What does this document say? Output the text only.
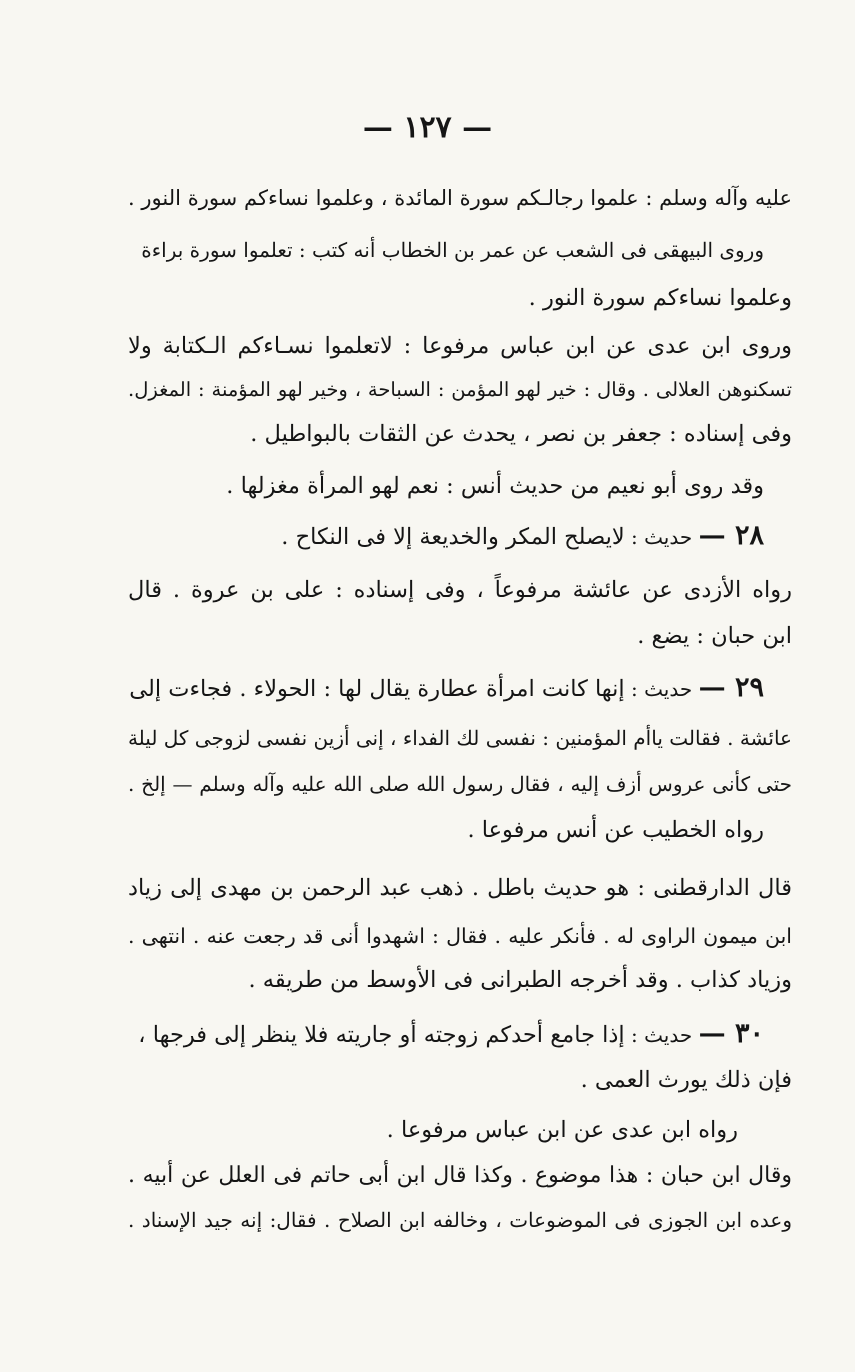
— ١٢٧ —
عليه وآله وسلم : علموا رجالـكم سورة المائدة ، وعلموا نساءكم سورة النور .
وروى البيهقى فى الشعب عن عمر بن الخطاب أنه كتب : تعلموا سورة براءة
وعلموا نساءكم سورة النور .
وروى ابن عدى عن ابن عباس مرفوعا : لاتعلموا نسـاءكم الـكتابة ولا
تسكنوهن العلالى . وقال : خير لهو المؤمن : السباحة ، وخير لهو المؤمنة : المغزل.
وفى إسناده : جعفر بن نصر ، يحدث عن الثقات بالبواطيل .
وقد روى أبو نعيم من حديث أنس : نعم لهو المرأة مغزلها .
٢٨ — حديث : لايصلح المكر والخديعة إلا فى النكاح .
رواه الأزدى عن عائشة مرفوعاً ، وفى إسناده : على بن عروة . قال
ابن حبان : يضع .
٢٩ — حديث : إنها كانت امرأة عطارة يقال لها : الحولاء . فجاءت إلى
عائشة . فقالت ياأم المؤمنين : نفسى لك الفداء ، إنى أزين نفسى لزوجى كل ليلة
حتى كأنى عروس أزف إليه ، فقال رسول الله صلى الله عليه وآله وسلم — إلخ .
رواه الخطيب عن أنس مرفوعا .
قال الدارقطنى : هو حديث باطل . ذهب عبد الرحمن بن مهدى إلى زياد
ابن ميمون الراوى له . فأنكر عليه . فقال : اشهدوا أنى قد رجعت عنه . انتهى .
وزياد كذاب . وقد أخرجه الطبرانى فى الأوسط من طريقه .
٣٠ — حديث : إذا جامع أحدكم زوجته أو جاريته فلا ينظر إلى فرجها ،
فإن ذلك يورث العمى .
رواه ابن عدى عن ابن عباس مرفوعا .
وقال ابن حبان : هذا موضوع . وكذا قال ابن أبى حاتم فى العلل عن أبيه .
وعده ابن الجوزى فى الموضوعات ، وخالفه ابن الصلاح . فقال: إنه جيد الإسناد .
